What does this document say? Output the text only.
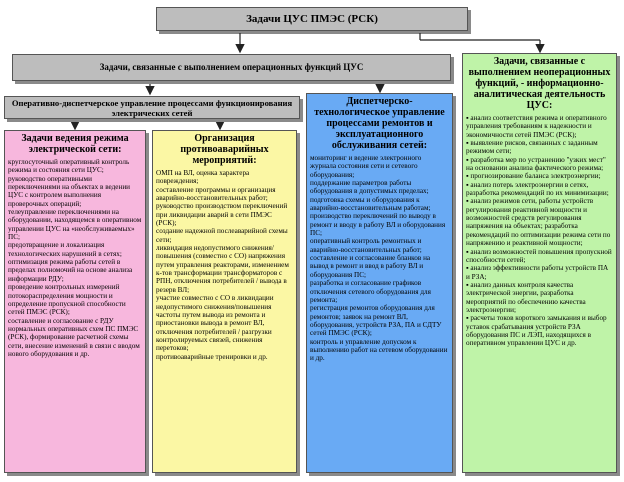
Задачи ЦУС ПМЭС (РСК)
Задачи, связанные с выполнением операционных функций ЦУС
Оперативно-диспетчерское управление процессами функционирования электрических сетей
Задачи ведения режима электрической сети:
круглосуточный оперативный контроль режима и состояния сети ЦУС;
руководство оперативными переключениями на объектах в ведении ЦУС с контролем выполнения проверочных операций;
телеуправление переключениями на оборудовании, находящемся в оперативном управлении ЦУС на «необслуживаемых» ПС;
предотвращение и локализация технологических нарушений в сетях;
оптимизация режима работы сетей в пределах полномочий на основе анализа информации РДУ;
проведение контрольных измерений потокораспределения мощности и определение пропускной способности сетей ПМЭС (РСК);
составление и согласование с РДУ нормальных оперативных схем ПС ПМЭС (РСК), формирование расчетной схемы сети, внесение изменений в связи с вводом нового оборудования и др.
Организация противоаварийных мероприятий:
ОМП на ВЛ, оценка характера повреждения;
составление программы и организация аварийно-восстановительных работ;
руководство производством переключений при ликвидации аварий в сети ПМЭС (РСК);
создание надежной послеаварийной схемы сети;
ликвидация недопустимого снижения/ повышения (совместно с СО) напряжения путем управления реакторами, изменением к-тов трансформации трансформаторов с РПН, отключения потребителей / вывода в резерв ВЛ;
участие совместно с СО в ликвидации недопустимого снижения/повышения частоты путем вывода из ремонта и приостановки вывода в ремонт ВЛ, отключения потребителей / разгрузки контролируемых связей, снижения перетоков;
противоаварийные тренировки и др.
Диспетчерско-технологическое управление процессами ремонтов и эксплуатационного обслуживания сетей:
мониторинг и ведение электронного журнала состояния сети и сетевого оборудования;
поддержание параметров работы оборудования в допустимых пределах;
подготовка схемы и оборудования к аварийно-восстановительным работам;
производство переключений по выводу в ремонт и вводу в работу ВЛ и оборудования ПС;
оперативный контроль ремонтных и аварийно-восстановительных работ;
составление и согласование бланков на вывод в ремонт и ввод в работу ВЛ и оборудования ПС;
разработка и согласование графиков отключения сетевого оборудования для ремонта;
регистрация ремонтов оборудования для ремонтов; заявок на ремонт ВЛ, оборудования, устройств РЗА, ПА и СДТУ сетей ПМЭС (РСК);
контроль и управление допуском к выполнению работ на сетевом оборудовании и др.
Задачи, связанные с выполнением неоперационных функций, - информационно-аналитическая деятельность ЦУС:
▪ анализ соответствия режима и оперативного управления требованиям к надежности и экономичности сетей ПМЭС (РСК);
▪ выявление рисков, связанных с заданным режимом сети;
▪ разработка мер по устранению "узких мест" на основании анализа фактического режима;
▪ прогнозирование баланса электроэнергии;
▪ анализ потерь электроэнергии в сетях, разработка рекомендаций по их минимизации;
▪ анализ режимов сети, работы устройств регулирования реактивной мощности и возможностей средств регулирования напряжения на объектах; разработка рекомендаций по оптимизации режима сети по напряжению и реактивной мощности;
▪ анализ возможностей повышения пропускной способности сетей;
▪ анализ эффективности работы устройств ПА и РЗА;
▪ анализ данных контроля качества электрической энергии, разработка мероприятий по обеспечению качества электроэнергии;
▪ расчеты токов короткого замыкания и выбор уставок срабатывания устройств РЗА оборудования ПС и ЛЭП, находящихся в оперативном управлении ЦУС и др.
